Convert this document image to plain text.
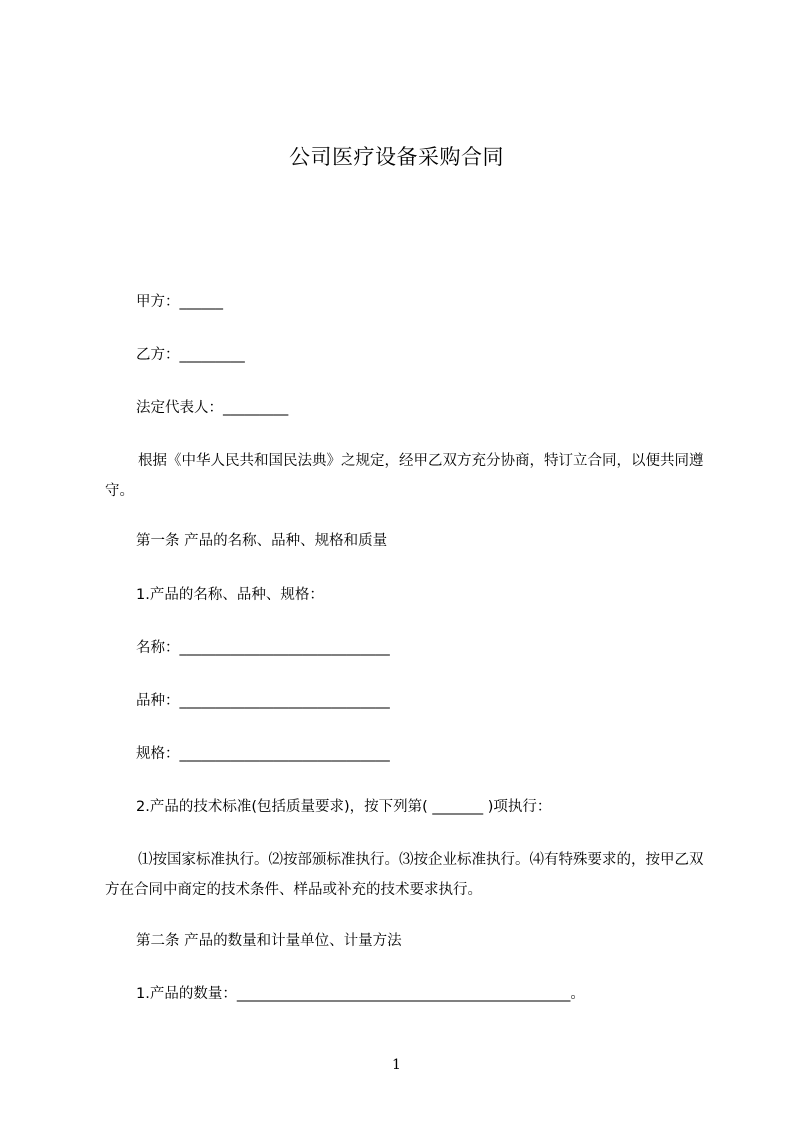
公司医疗设备采购合同
甲方：______
乙方：_________
法定代表人：_________
根据《中华人民共和国民法典》之规定，经甲乙双方充分协商，特订立合同，以便共同遵守。
第一条 产品的名称、品种、规格和质量
1.产品的名称、品种、规格：
名称：_____________________________
品种：_____________________________
规格：_____________________________
2.产品的技术标准(包括质量要求)，按下列第( _______ )项执行：
⑴按国家标准执行。⑵按部颁标准执行。⑶按企业标准执行。⑷有特殊要求的，按甲乙双方在合同中商定的技术条件、样品或补充的技术要求执行。
第二条 产品的数量和计量单位、计量方法
1.产品的数量：______________________________________________。
1
